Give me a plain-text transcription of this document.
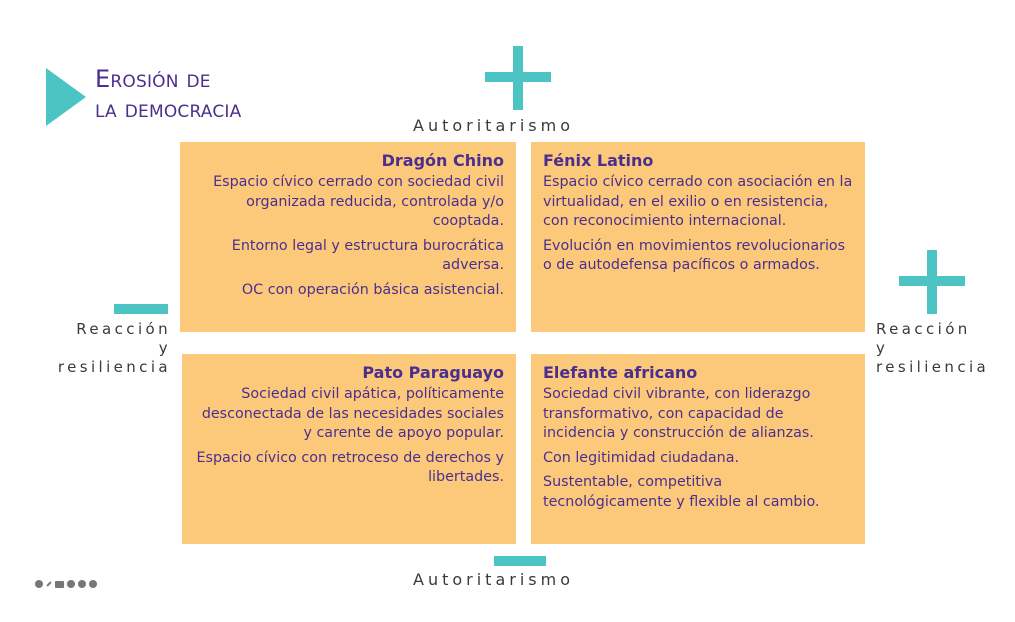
Erosión de
la democracia
Autoritarismo
Reacción
y
resiliencia
Reacción
y
resiliencia
Autoritarismo
Dragón Chino

Espacio cívico cerrado con sociedad civil organizada reducida, controlada y/o cooptada.

Entorno legal y estructura burocrática adversa.

OC con operación básica asistencial.

Fénix Latino

Espacio cívico cerrado con asociación en la virtualidad, en el exilio o en resistencia, con reconocimiento internacional.

Evolución en movimientos revolucionarios o de autodefensa pacíficos o armados.

Pato Paraguayo

Sociedad civil apática, políticamente desconectada de las necesidades sociales y carente de apoyo popular.

Espacio cívico con retroceso de derechos y libertades.

Elefante africano

Sociedad civil vibrante, con liderazgo transformativo, con capacidad de incidencia y construcción de alianzas.

Con legitimidad ciudadana.

Sustentable, competitiva tecnológicamente y flexible al cambio.
